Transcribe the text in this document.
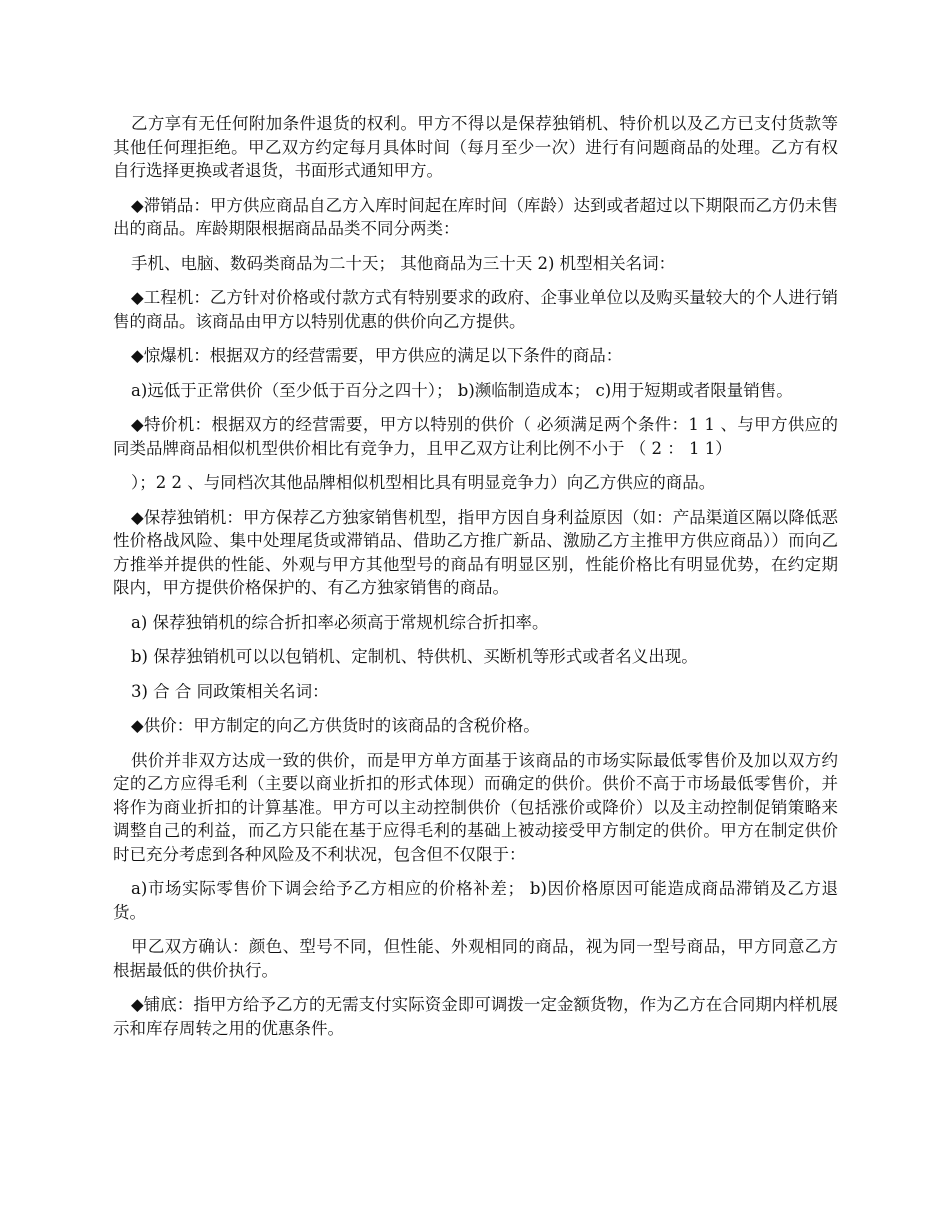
乙方享有无任何附加条件退货的权利。甲方不得以是保荐独销机、特价机以及乙方已支付货款等其他任何理拒绝。甲乙双方约定每月具体时间（每月至少一次）进行有问题商品的处理。乙方有权自行选择更换或者退货，书面形式通知甲方。

◆滞销品：甲方供应商品自乙方入库时间起在库时间（库龄）达到或者超过以下期限而乙方仍未售出的商品。库龄期限根据商品品类不同分两类：

手机、电脑、数码类商品为二十天； 其他商品为三十天 2) 机型相关名词：

◆工程机：乙方针对价格或付款方式有特别要求的政府、企事业单位以及购买量较大的个人进行销售的商品。该商品由甲方以特别优惠的供价向乙方提供。

◆惊爆机：根据双方的经营需要，甲方供应的满足以下条件的商品：

a)远低于正常供价（至少低于百分之四十）； b)濒临制造成本； c)用于短期或者限量销售。

◆特价机：根据双方的经营需要，甲方以特别的供价（ 必须满足两个条件：1 1 、与甲方供应的同类品牌商品相似机型供价相比有竞争力，且甲乙双方让利比例不小于 （ 2 ： 1 1）

）；2 2 、与同档次其他品牌相似机型相比具有明显竞争力）向乙方供应的商品。

◆保荐独销机：甲方保荐乙方独家销售机型，指甲方因自身利益原因（如：产品渠道区隔以降低恶性价格战风险、集中处理尾货或滞销品、借助乙方推广新品、激励乙方主推甲方供应商品））而向乙方推举并提供的性能、外观与甲方其他型号的商品有明显区别，性能价格比有明显优势，在约定期限内，甲方提供价格保护的、有乙方独家销售的商品。

a) 保荐独销机的综合折扣率必须高于常规机综合折扣率。

b) 保荐独销机可以以包销机、定制机、特供机、买断机等形式或者名义出现。

3) 合 合 同政策相关名词：

◆供价：甲方制定的向乙方供货时的该商品的含税价格。

供价并非双方达成一致的供价，而是甲方单方面基于该商品的市场实际最低零售价及加以双方约定的乙方应得毛利（主要以商业折扣的形式体现）而确定的供价。供价不高于市场最低零售价，并将作为商业折扣的计算基准。甲方可以主动控制供价（包括涨价或降价）以及主动控制促销策略来调整自己的利益，而乙方只能在基于应得毛利的基础上被动接受甲方制定的供价。甲方在制定供价时已充分考虑到各种风险及不利状况，包含但不仅限于：

a)市场实际零售价下调会给予乙方相应的价格补差； b)因价格原因可能造成商品滞销及乙方退货。

甲乙双方确认：颜色、型号不同，但性能、外观相同的商品，视为同一型号商品，甲方同意乙方根据最低的供价执行。

◆铺底：指甲方给予乙方的无需支付实际资金即可调拨一定金额货物，作为乙方在合同期内样机展示和库存周转之用的优惠条件。
